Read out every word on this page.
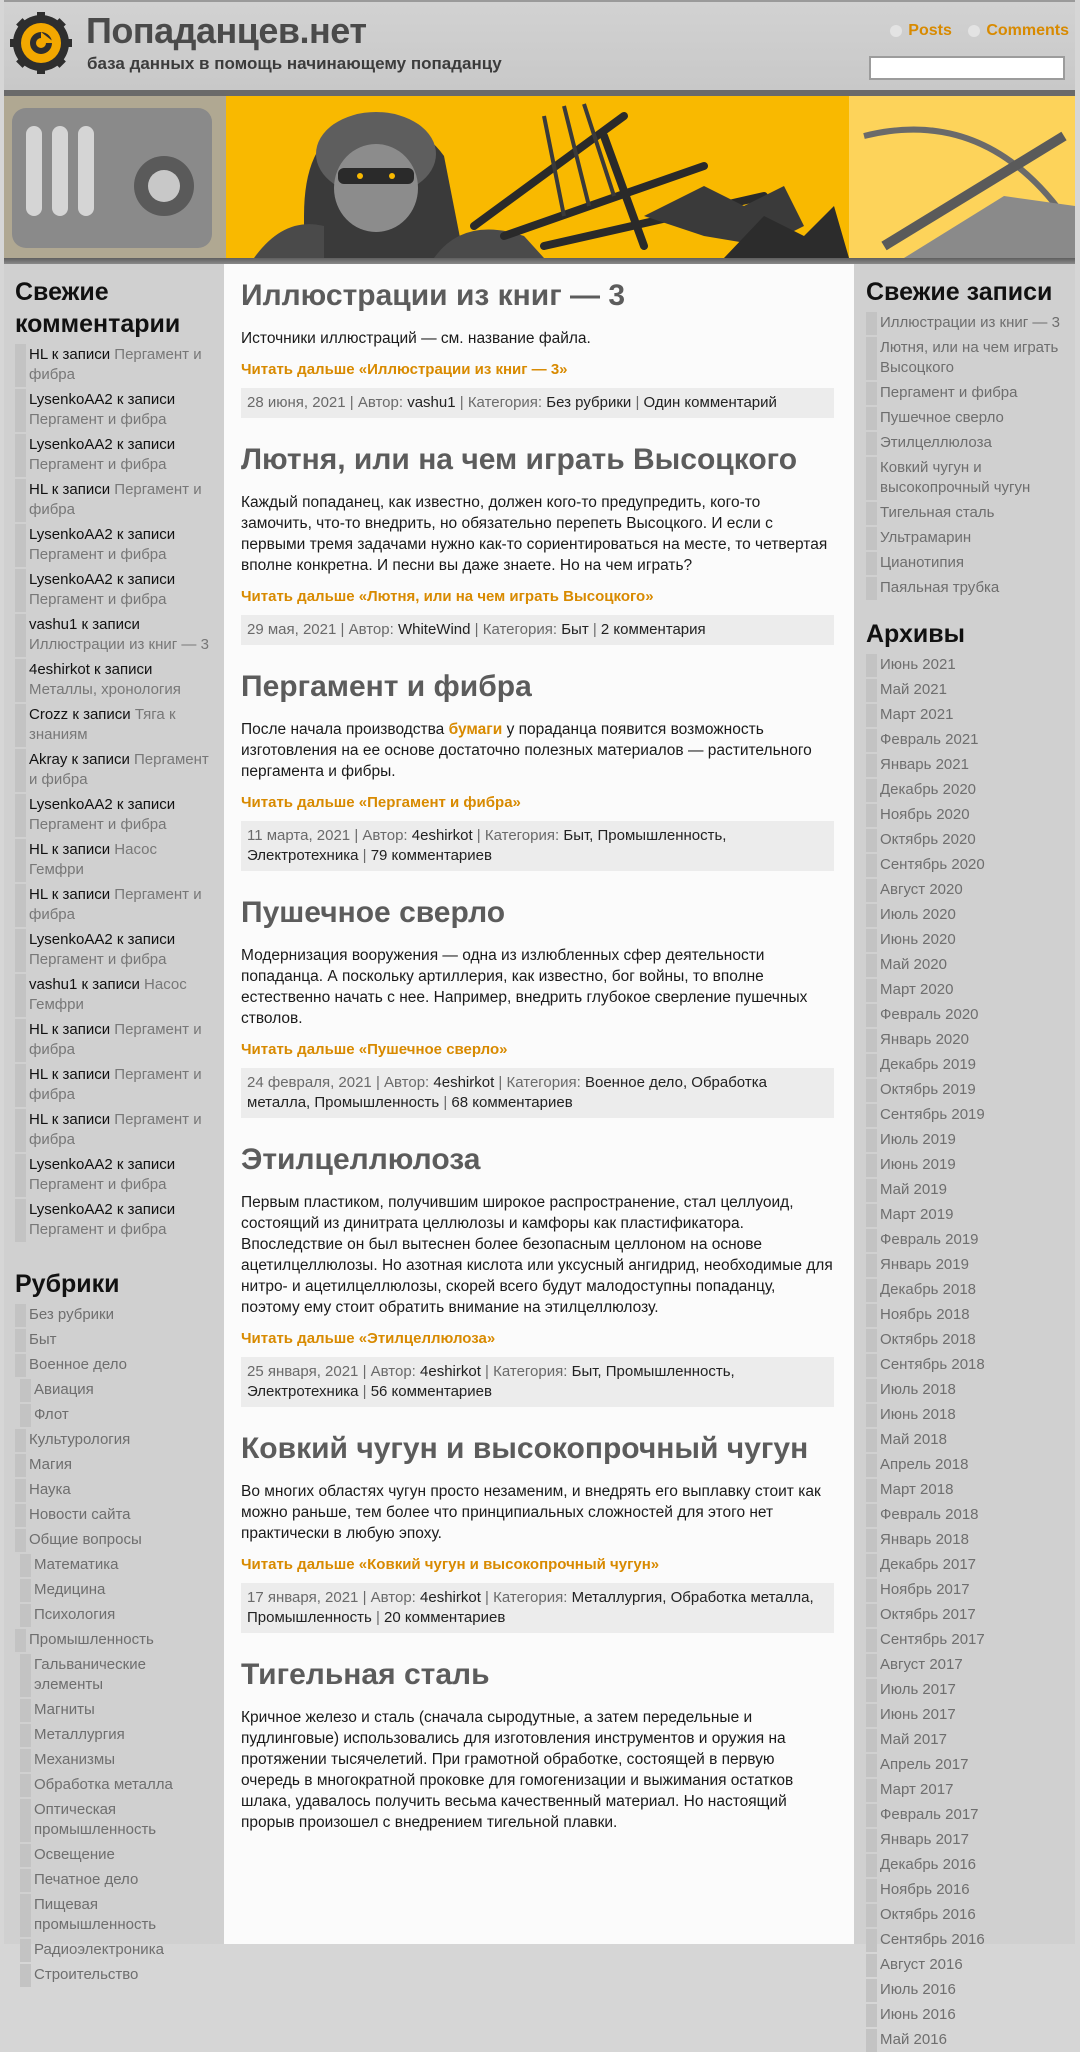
Попаданцев.нет
база данных в помощь начинающему попаданцу
Posts Comments
Свежие комментарии
HL к записи Пергамент и фибра
LysenkoAA2 к записи Пергамент и фибра
LysenkoAA2 к записи Пергамент и фибра
HL к записи Пергамент и фибра
LysenkoAA2 к записи Пергамент и фибра
LysenkoAA2 к записи Пергамент и фибра
vashu1 к записи Иллюстрации из книг — 3
4eshirkot к записи Металлы, хронология
Crozz к записи Тяга к знаниям
Akray к записи Пергамент и фибра
LysenkoAA2 к записи Пергамент и фибра
HL к записи Насос Гемфри
HL к записи Пергамент и фибра
LysenkoAA2 к записи Пергамент и фибра
vashu1 к записи Насос Гемфри
HL к записи Пергамент и фибра
HL к записи Пергамент и фибра
HL к записи Пергамент и фибра
LysenkoAA2 к записи Пергамент и фибра
LysenkoAA2 к записи Пергамент и фибра
Рубрики
Без рубрики
Быт
Военное дело
Авиация
Флот
Культурология
Магия
Наука
Новости сайта
Общие вопросы
Математика
Медицина
Психология
Промышленность
Гальванические элементы
Магниты
Металлургия
Механизмы
Обработка металла
Оптическая промышленность
Освещение
Печатное дело
Пищевая промышленность
Радиоэлектроника
Строительство
Иллюстрации из книг — 3

Источники иллюстраций — см. название файла.

Читать дальше «Иллюстрации из книг — 3»
28 июня, 2021 | Автор: vashu1 | Категория: Без рубрики | Один комментарий
Лютня, или на чем играть Высоцкого

Каждый попаданец, как известно, должен кого-то предупредить, кого-то замочить, что-то внедрить, но обязательно перепеть Высоцкого. И если с первыми тремя задачами нужно как-то сориентироваться на месте, то четвертая вполне конкретна. И песни вы даже знаете. Но на чем играть?

Читать дальше «Лютня, или на чем играть Высоцкого»
29 мая, 2021 | Автор: WhiteWind | Категория: Быт | 2 комментария
Пергамент и фибра

После начала производства бумаги у пораданца появится возможность изготовления на ее основе достаточно полезных материалов — растительного пергамента и фибры.

Читать дальше «Пергамент и фибра»
11 марта, 2021 | Автор: 4eshirkot | Категория: Быт, Промышленность, Электротехника | 79 комментариев
Пушечное сверло

Модернизация вооружения — одна из излюбленных сфер деятельности попаданца. А поскольку артиллерия, как известно, бог войны, то вполне естественно начать с нее. Например, внедрить глубокое сверление пушечных стволов.

Читать дальше «Пушечное сверло»
24 февраля, 2021 | Автор: 4eshirkot | Категория: Военное дело, Обработка металла, Промышленность | 68 комментариев
Этилцеллюлоза

Первым пластиком, получившим широкое распространение, стал целлуоид, состоящий из динитрата целлюлозы и камфоры как пластификатора. Впоследствие он был вытеснен более безопасным целлоном на основе ацетилцеллюлозы. Но азотная кислота или уксусный ангидрид, необходимые для нитро- и ацетилцеллюлозы, скорей всего будут малодоступны попаданцу, поэтому ему стоит обратить внимание на этилцеллюлозу.

Читать дальше «Этилцеллюлоза»
25 января, 2021 | Автор: 4eshirkot | Категория: Быт, Промышленность, Электротехника | 56 комментариев
Ковкий чугун и высокопрочный чугун

Во многих областях чугун просто незаменим, и внедрять его выплавку стоит как можно раньше, тем более что принципиальных сложностей для этого нет практически в любую эпоху.

Читать дальше «Ковкий чугун и высокопрочный чугун»
17 января, 2021 | Автор: 4eshirkot | Категория: Металлургия, Обработка металла, Промышленность | 20 комментариев
Тигельная сталь

Кричное железо и сталь (сначала сыродутные, а затем передельные и пудлинговые) использовались для изготовления инструментов и оружия на протяжении тысячелетий. При грамотной обработке, состоящей в первую очередь в многократной проковке для гомогенизации и выжимания остатков шлака, удавалось получить весьма качественный материал. Но настоящий прорыв произошел с внедрением тигельной плавки.

Свежие записи
Иллюстрации из книг — 3
Лютня, или на чем играть Высоцкого
Пергамент и фибра
Пушечное сверло
Этилцеллюлоза
Ковкий чугун и высокопрочный чугун
Тигельная сталь
Ультрамарин
Цианотипия
Паяльная трубка
Архивы
Июнь 2021
Май 2021
Март 2021
Февраль 2021
Январь 2021
Декабрь 2020
Ноябрь 2020
Октябрь 2020
Сентябрь 2020
Август 2020
Июль 2020
Июнь 2020
Май 2020
Март 2020
Февраль 2020
Январь 2020
Декабрь 2019
Октябрь 2019
Сентябрь 2019
Июль 2019
Июнь 2019
Май 2019
Март 2019
Февраль 2019
Январь 2019
Декабрь 2018
Ноябрь 2018
Октябрь 2018
Сентябрь 2018
Июль 2018
Июнь 2018
Май 2018
Апрель 2018
Март 2018
Февраль 2018
Январь 2018
Декабрь 2017
Ноябрь 2017
Октябрь 2017
Сентябрь 2017
Август 2017
Июль 2017
Июнь 2017
Май 2017
Апрель 2017
Март 2017
Февраль 2017
Январь 2017
Декабрь 2016
Ноябрь 2016
Октябрь 2016
Сентябрь 2016
Август 2016
Июль 2016
Июнь 2016
Май 2016
